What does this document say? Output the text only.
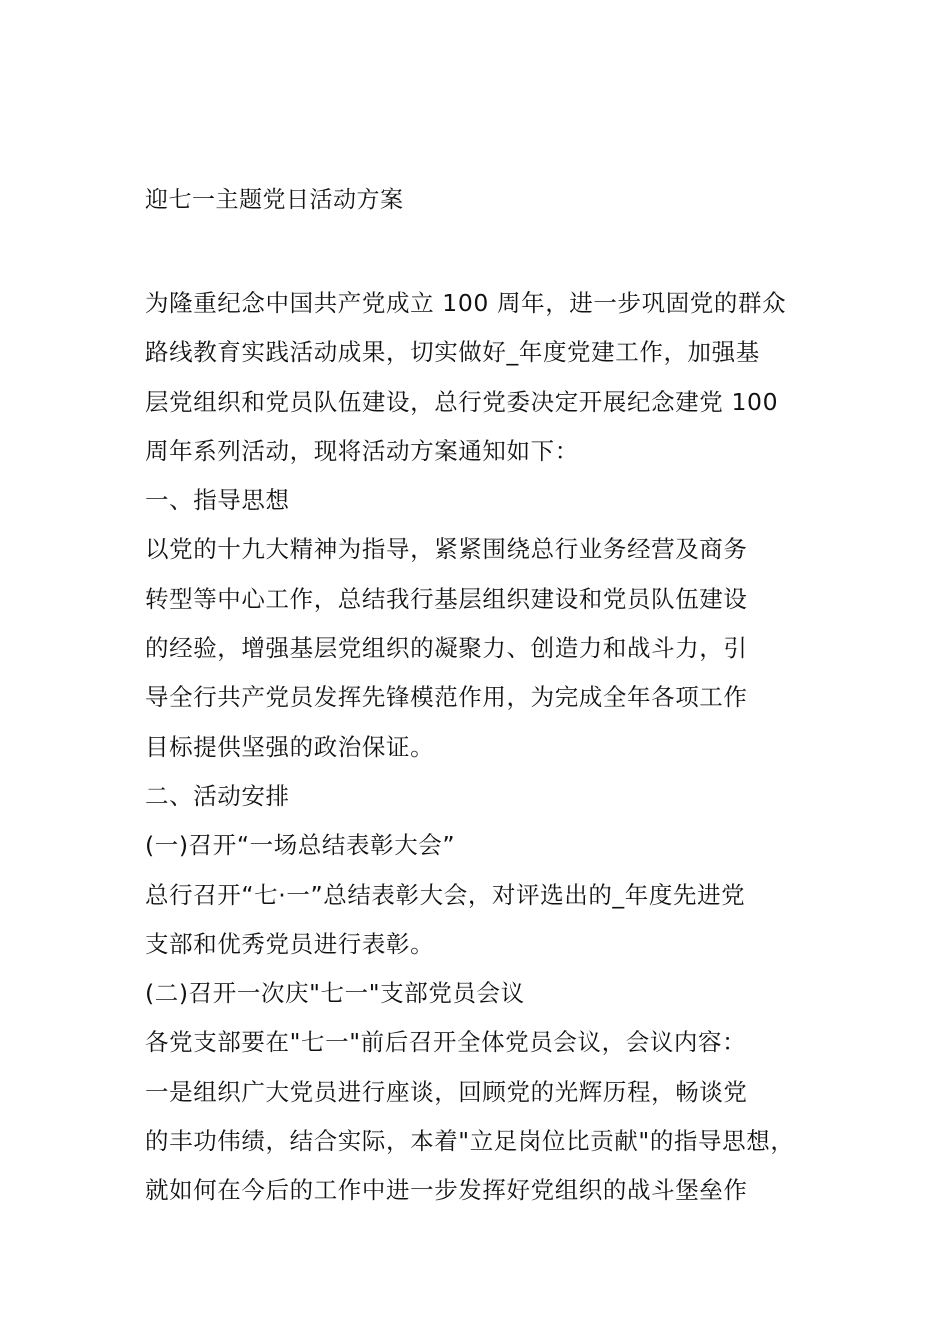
迎七一主题党日活动方案
为隆重纪念中国共产党成立 100 周年，进一步巩固党的群众
路线教育实践活动成果，切实做好_年度党建工作，加强基
层党组织和党员队伍建设，总行党委决定开展纪念建党 100
周年系列活动，现将活动方案通知如下：
一、指导思想
以党的十九大精神为指导，紧紧围绕总行业务经营及商务
转型等中心工作，总结我行基层组织建设和党员队伍建设
的经验，增强基层党组织的凝聚力、创造力和战斗力，引
导全行共产党员发挥先锋模范作用，为完成全年各项工作
目标提供坚强的政治保证。
二、活动安排
(一)召开“一场总结表彰大会”
总行召开“七·一”总结表彰大会，对评选出的_年度先进党
支部和优秀党员进行表彰。
(二)召开一次庆"七一"支部党员会议
各党支部要在"七一"前后召开全体党员会议，会议内容：
一是组织广大党员进行座谈，回顾党的光辉历程，畅谈党
的丰功伟绩，结合实际，本着"立足岗位比贡献"的指导思想，
就如何在今后的工作中进一步发挥好党组织的战斗堡垒作
